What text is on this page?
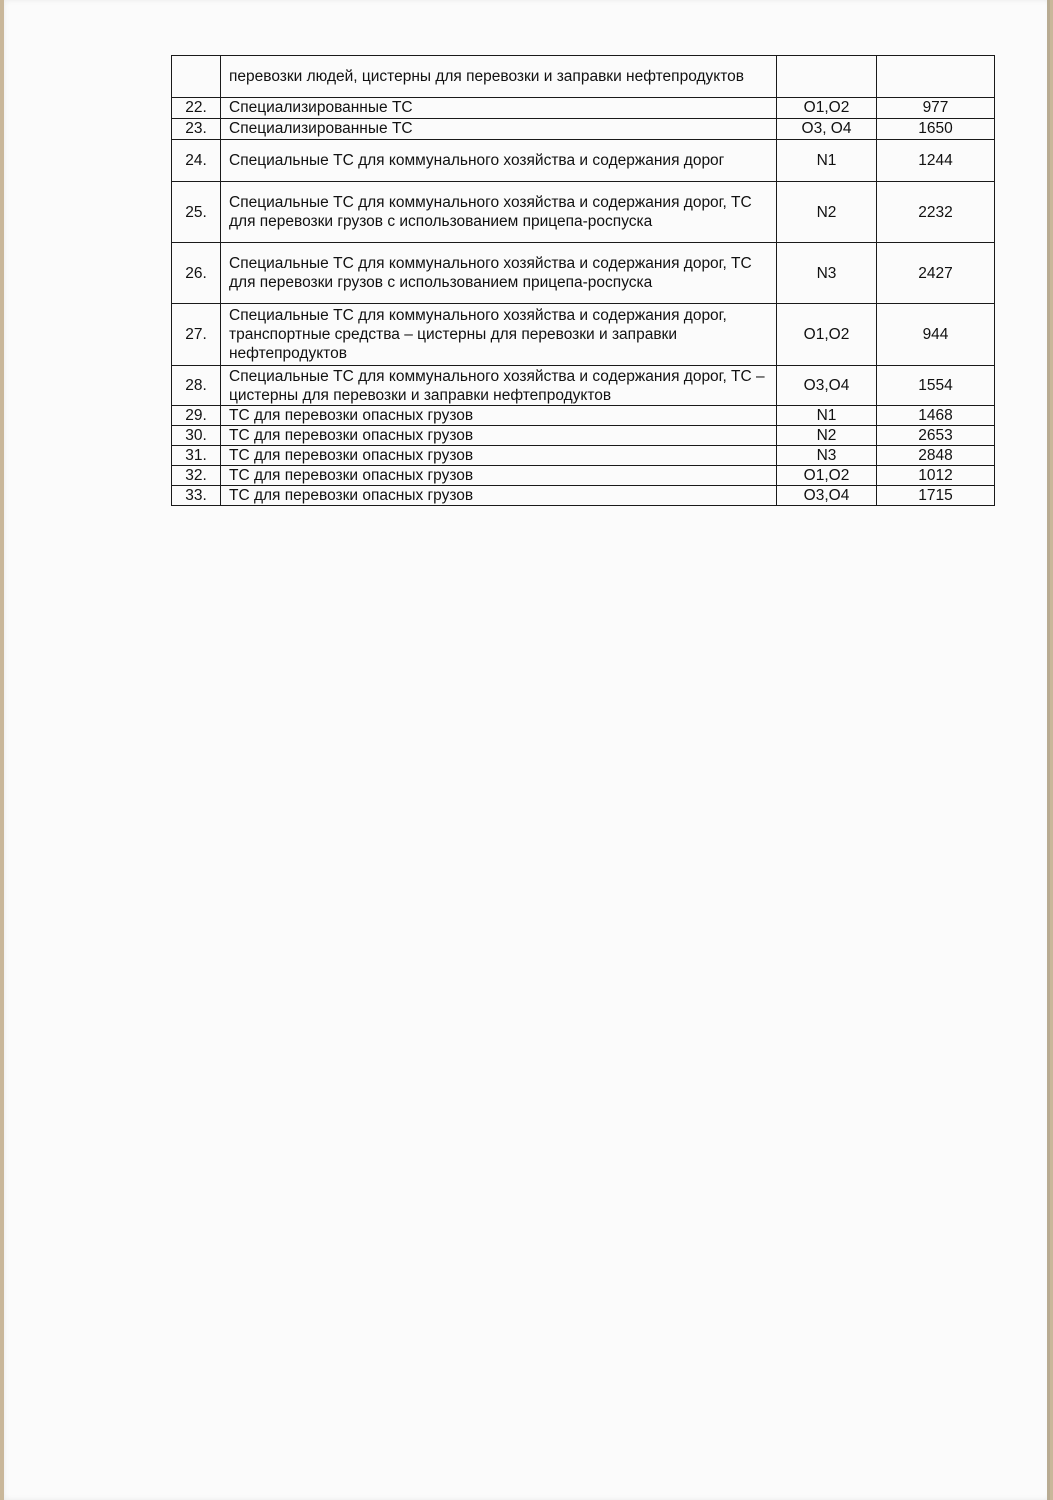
	перевозки людей, цистерны для перевозки и заправки нефтепродуктов		
22.	Специализированные ТС	O1,O2	977
23.	Специализированные ТС	O3, O4	1650
24.	Специальные ТС для коммунального хозяйства и содержания дорог	N1	1244
25.	Специальные ТС для коммунального хозяйства и содержания дорог, ТС для перевозки грузов с использованием прицепа-роспуска	N2	2232
26.	Специальные ТС для коммунального хозяйства и содержания дорог, ТС для перевозки грузов с использованием прицепа-роспуска	N3	2427
27.	Специальные ТС для коммунального хозяйства и содержания дорог, транспортные средства – цистерны для перевозки и заправки нефтепродуктов	O1,O2	944
28.	Специальные ТС для коммунального хозяйства и содержания дорог, ТС – цистерны для перевозки и заправки нефтепродуктов	O3,O4	1554
29.	ТС для перевозки опасных грузов	N1	1468
30.	ТС для перевозки опасных грузов	N2	2653
31.	ТС для перевозки опасных грузов	N3	2848
32.	ТС для перевозки опасных грузов	O1,O2	1012
33.	ТС для перевозки опасных грузов	O3,O4	1715
